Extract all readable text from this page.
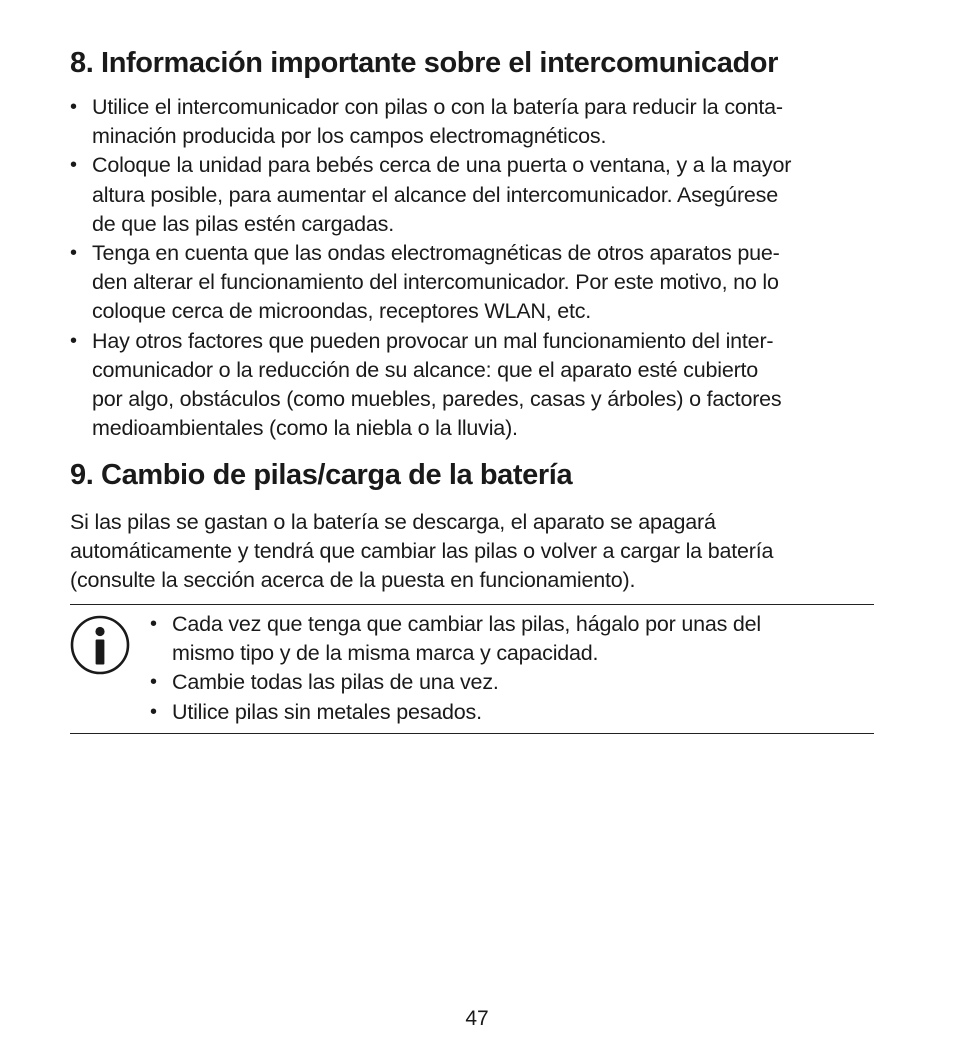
8. Información importante sobre el intercomunicador
• Utilice el intercomunicador con pilas o con la batería para reducir la conta-
minación producida por los campos electromagnéticos.
• Coloque la unidad para bebés cerca de una puerta o ventana, y a la mayor
altura posible, para aumentar el alcance del intercomunicador. Asegúrese
de que las pilas estén cargadas.
• Tenga en cuenta que las ondas electromagnéticas de otros aparatos pue-
den alterar el funcionamiento del intercomunicador. Por este motivo, no lo
coloque cerca de microondas, receptores WLAN, etc.
• Hay otros factores que pueden provocar un mal funcionamiento del inter-
comunicador o la reducción de su alcance: que el aparato esté cubierto
por algo, obstáculos (como muebles, paredes, casas y árboles) o factores
medioambientales (como la niebla o la lluvia).
9. Cambio de pilas/carga de la batería

Si las pilas se gastan o la batería se descarga, el aparato se apagará
automáticamente y tendrá que cambiar las pilas o volver a cargar la batería
(consulte la sección acerca de la puesta en funcionamiento).

• Cada vez que tenga que cambiar las pilas, hágalo por unas del
mismo tipo y de la misma marca y capacidad.
• Cambie todas las pilas de una vez.
• Utilice pilas sin metales pesados.
47
